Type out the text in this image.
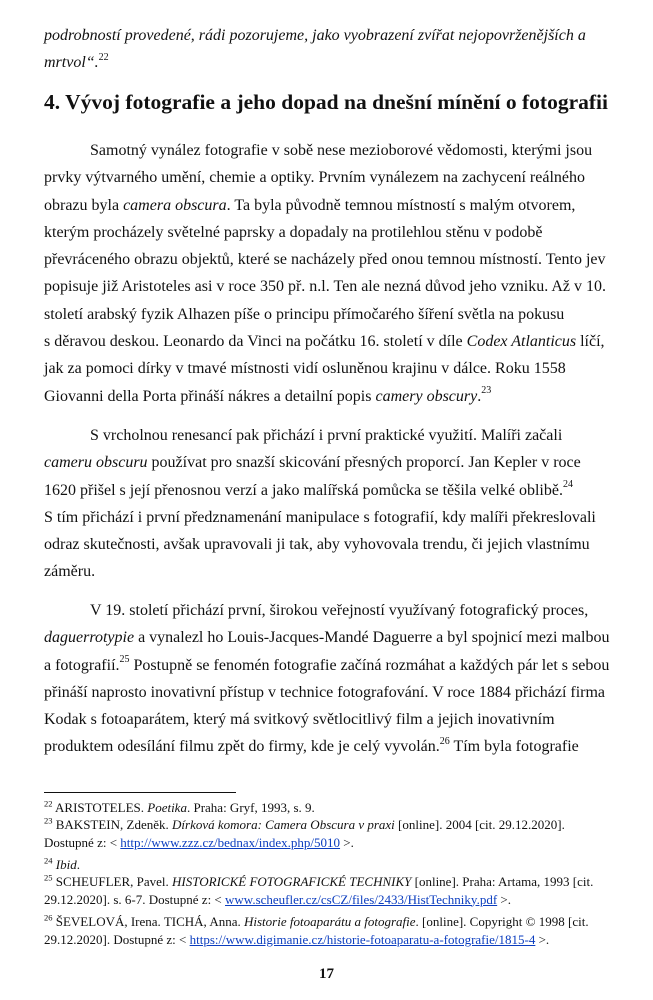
podrobností provedené, rádi pozorujeme, jako vyobrazení zvířat nejopovrženějších a
mrtvol“.$^{22}$
4. Vývoj fotografie a jeho dopad na dnešní mínění o fotografii
Samotný vynález fotografie v sobě nese mezioborové vědomosti, kterými jsou
prvky výtvarného umění, chemie a optiky. Prvním vynálezem na zachycení reálného
obrazu byla camera obscura. Ta byla původně temnou místností s malým otvorem,
kterým procházely světelné paprsky a dopadaly na protilehlou stěnu v podobě
převráceného obrazu objektů, které se nacházely před onou temnou místností. Tento jev
popisuje již Aristoteles asi v roce 350 př. n.l. Ten ale nezná důvod jeho vzniku. Až v 10.
století arabský fyzik Alhazen píše o principu přímočarého šíření světla na pokusu
s děravou deskou. Leonardo da Vinci na počátku 16. století v díle Codex Atlanticus líčí,
jak za pomoci dírky v tmavé místnosti vidí osluněnou krajinu v dálce. Roku 1558
Giovanni della Porta přináší nákres a detailní popis camery obscury.$^{23}$
S vrcholnou renesancí pak přichází i první praktické využití. Malíři začali
cameru obscuru používat pro snazší skicování přesných proporcí. Jan Kepler v roce
1620 přišel s její přenosnou verzí a jako malířská pomůcka se těšila velké oblibě.$^{24}$
S tím přichází i první předznamenání manipulace s fotografií, kdy malíři překreslovali
odraz skutečnosti, avšak upravovali ji tak, aby vyhovovala trendu, či jejich vlastnímu
záměru.
V 19. století přichází první, širokou veřejností využívaný fotografický proces,
daguerrotypie a vynalezl ho Louis-Jacques-Mandé Daguerre a byl spojnicí mezi malbou
a fotografií.$^{25}$ Postupně se fenomén fotografie začíná rozmáhat a každých pár let s sebou
přináší naprosto inovativní přístup v technice fotografování. V roce 1884 přichází firma
Kodak s fotoaparátem, který má svitkový světlocitlivý film a jejich inovativním
produktem odesílání filmu zpět do firmy, kde je celý vyvolán.$^{26}$ Tím byla fotografie
$^{22}$ ARISTOTELES. Poetika. Praha: Gryf, 1993, s. 9.
$^{23}$ BAKSTEIN, Zdeněk. Dírková komora: Camera Obscura v praxi [online]. 2004 [cit. 29.12.2020].
Dostupné z: < http://www.zzz.cz/bednax/index.php/5010 >.
$^{24}$ Ibid.
$^{25}$ SCHEUFLER, Pavel. HISTORICKÉ FOTOGRAFICKÉ TECHNIKY [online]. Praha: Artama, 1993 [cit.
29.12.2020]. s. 6-7. Dostupné z: < www.scheufler.cz/csCZ/files/2433/HistTechniky.pdf >.
$^{26}$ ŠEVELOVÁ, Irena. TICHÁ, Anna. Historie fotoaparátu a fotografie. [online]. Copyright © 1998 [cit.
29.12.2020]. Dostupné z: < https://www.digimanie.cz/historie-fotoaparatu-a-fotografie/1815-4 >.
17
